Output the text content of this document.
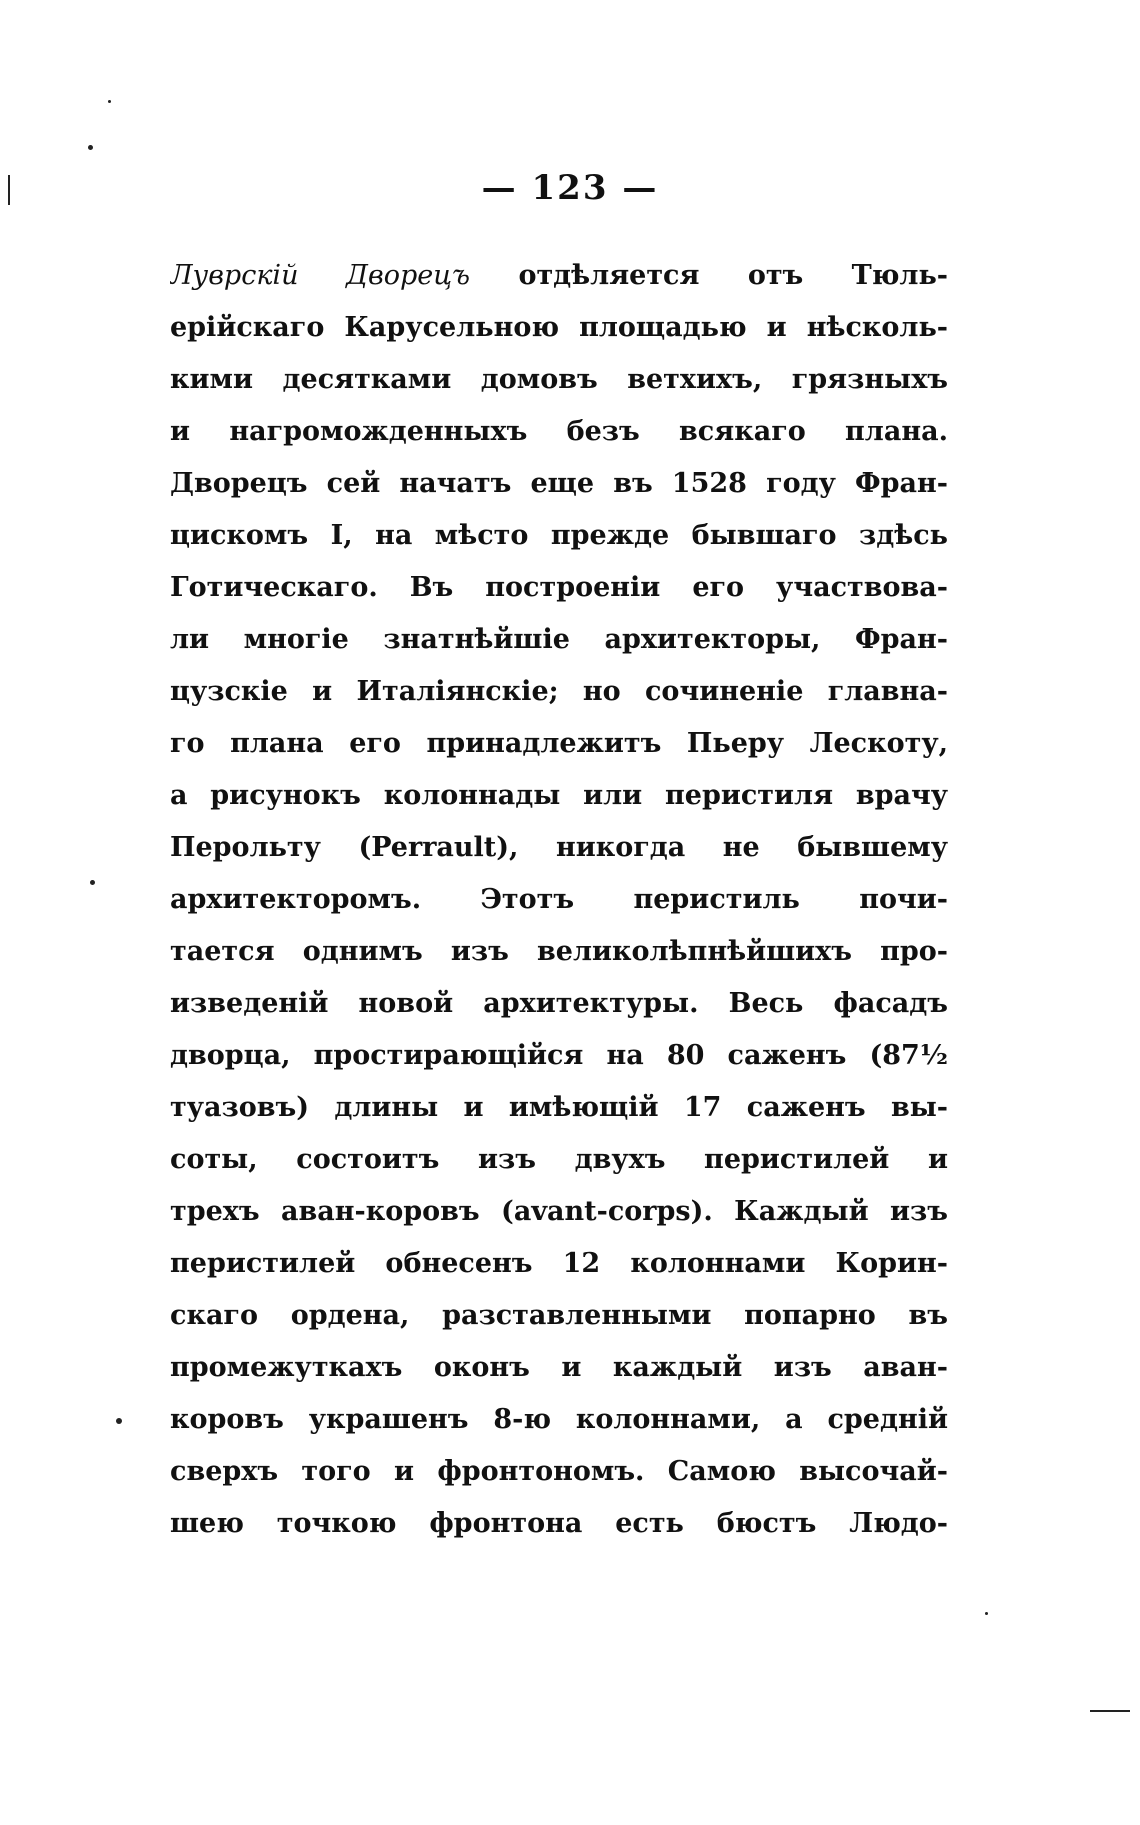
— 123 —
Луврскій Дворецъ отдѣляется отъ Тюль-
ерійскаго Карусельною площадью и нѣсколь-
кими десятками домовъ ветхихъ, грязныхъ
и нагроможденныхъ безъ всякаго плана.
Дворецъ сей начатъ еще въ 1528 году Фран-
цискомъ I, на мѣсто прежде бывшаго здѣсь
Готическаго. Въ построеніи его участвова-
ли многіе знатнѣйшіе архитекторы, Фран-
цузскіе и Италіянскіе; но сочиненіе главна-
го плана его принадлежитъ Пьеру Лескоту,
а рисунокъ колоннады или перистиля врачу
Перольту (Perrault), никогда не бывшему
архитекторомъ. Этотъ перистиль почи-
тается однимъ изъ великолѣпнѣйшихъ про-
изведеній новой архитектуры. Весь фасадъ
дворца, простирающійся на 80 саженъ (87½
туазовъ) длины и имѣющій 17 саженъ вы-
соты, состоитъ изъ двухъ перистилей и
трехъ аван-коровъ (avant-corps). Каждый изъ
перистилей обнесенъ 12 колоннами Корин-
скаго ордена, разставленными попарно въ
промежуткахъ оконъ и каждый изъ аван-
коровъ украшенъ 8-ю колоннами, а среднiй
сверхъ того и фронтономъ. Самою высочай-
шею точкою фронтона есть бюстъ Людо-
